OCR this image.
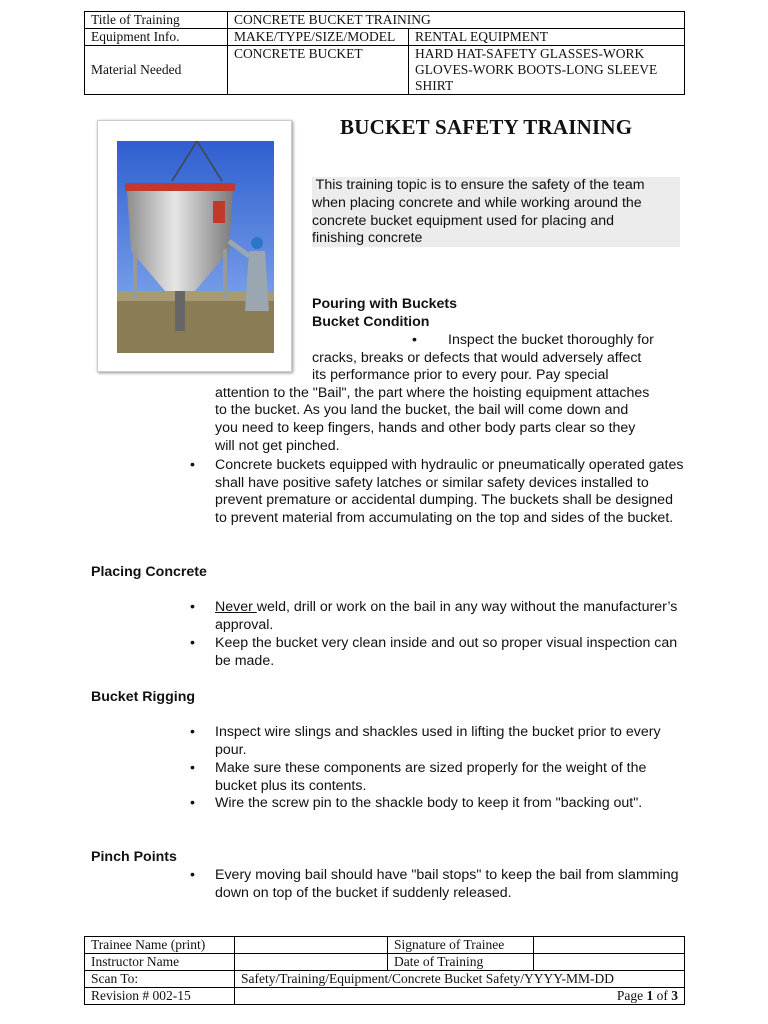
Title of Training	CONCRETE BUCKET TRAINING	
Equipment Info.	MAKE/TYPE/SIZE/MODEL	RENTAL EQUIPMENT
Material Needed	CONCRETE BUCKET	HARD HAT-SAFETY GLASSES-WORK
GLOVES-WORK BOOTS-LONG SLEEVE
SHIRT
BUCKET SAFETY TRAINING
This training topic is to ensure the safety of the team
when placing concrete and while working around the
concrete bucket equipment used for placing and
finishing concrete
Pouring with Buckets
Bucket Condition
• Inspect the bucket thoroughly for
cracks, breaks or defects that would adversely affect
its performance prior to every pour. Pay special
attention to the "Bail", the part where the hoisting equipment attaches
to the bucket. As you land the bucket, the bail will come down and
you need to keep fingers, hands and other body parts clear so they
will not get pinched.
• Concrete buckets equipped with hydraulic or pneumatically operated gates shall have positive safety latches or similar safety devices installed to prevent premature or accidental dumping. The buckets shall be designed to prevent material from accumulating on the top and sides of the bucket.
Placing Concrete
• Never weld, drill or work on the bail in any way without the manufacturer’s approval.
• Keep the bucket very clean inside and out so proper visual inspection can be made.
Bucket Rigging
• Inspect wire slings and shackles used in lifting the bucket prior to every pour.
• Make sure these components are sized properly for the weight of the bucket plus its contents.
• Wire the screw pin to the shackle body to keep it from "backing out".
Pinch Points
• Every moving bail should have "bail stops" to keep the bail from slamming down on top of the bucket if suddenly released.
Trainee Name (print)		Signature of Trainee	
Instructor Name		Date of Training	
Scan To:	Safety/Training/Equipment/Concrete Bucket Safety/YYYY-MM-DD		
Revision # 002-15	Page 1 of 3		
